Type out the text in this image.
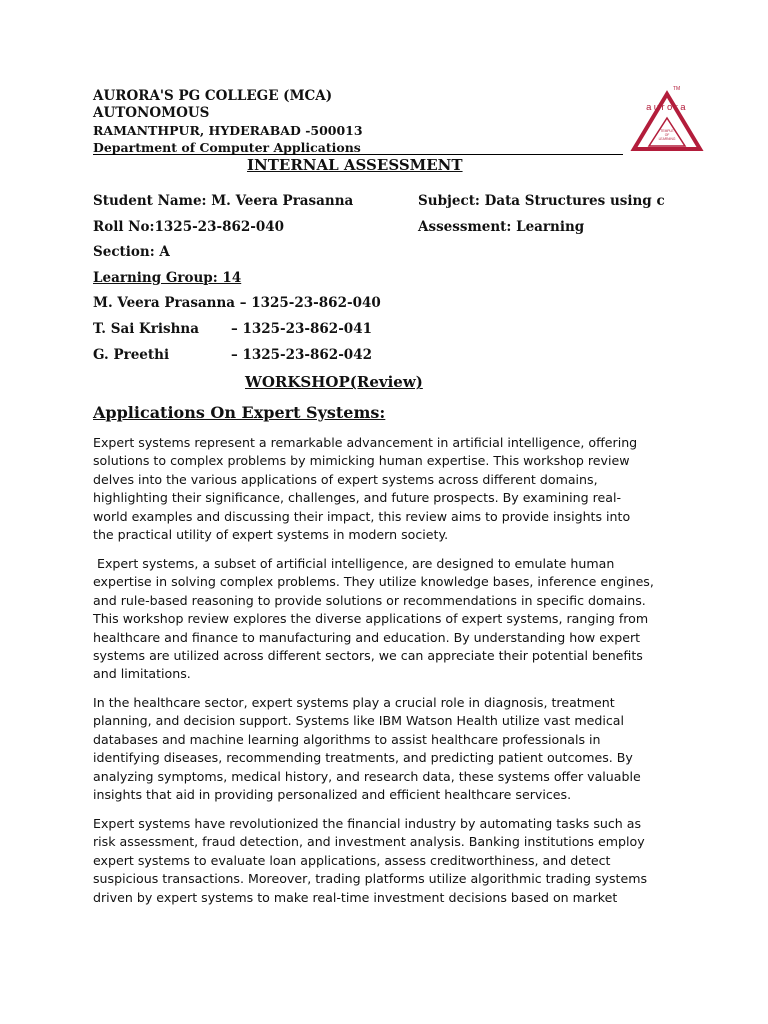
AURORA'S PG COLLEGE (MCA)
AUTONOMOUS
RAMANTHPUR, HYDERABAD -500013
Department of Computer Applications
TM
aurora
TEMPLE
OF
LEARNING
INTERNAL ASSESSMENT
Student Name: M. Veera Prasanna	Subject: Data Structures using c
Roll No:1325-23-862-040	Assessment: Learning
Section: A
Learning Group: 14
M. Veera Prasanna – 1325-23-862-040
T. Sai Krishna – 1325-23-862-041
G. Preethi	– 1325-23-862-042
WORKSHOP(Review)
Applications On Expert Systems:
Expert systems represent a remarkable advancement in artificial intelligence, offering
solutions to complex problems by mimicking human expertise. This workshop review
delves into the various applications of expert systems across different domains,
highlighting their significance, challenges, and future prospects. By examining real-
world examples and discussing their impact, this review aims to provide insights into
the practical utility of expert systems in modern society.
Expert systems, a subset of artificial intelligence, are designed to emulate human
expertise in solving complex problems. They utilize knowledge bases, inference engines,
and rule-based reasoning to provide solutions or recommendations in specific domains.
This workshop review explores the diverse applications of expert systems, ranging from
healthcare and finance to manufacturing and education. By understanding how expert
systems are utilized across different sectors, we can appreciate their potential benefits
and limitations.
In the healthcare sector, expert systems play a crucial role in diagnosis, treatment
planning, and decision support. Systems like IBM Watson Health utilize vast medical
databases and machine learning algorithms to assist healthcare professionals in
identifying diseases, recommending treatments, and predicting patient outcomes. By
analyzing symptoms, medical history, and research data, these systems offer valuable
insights that aid in providing personalized and efficient healthcare services.
Expert systems have revolutionized the financial industry by automating tasks such as
risk assessment, fraud detection, and investment analysis. Banking institutions employ
expert systems to evaluate loan applications, assess creditworthiness, and detect
suspicious transactions. Moreover, trading platforms utilize algorithmic trading systems
driven by expert systems to make real-time investment decisions based on market
